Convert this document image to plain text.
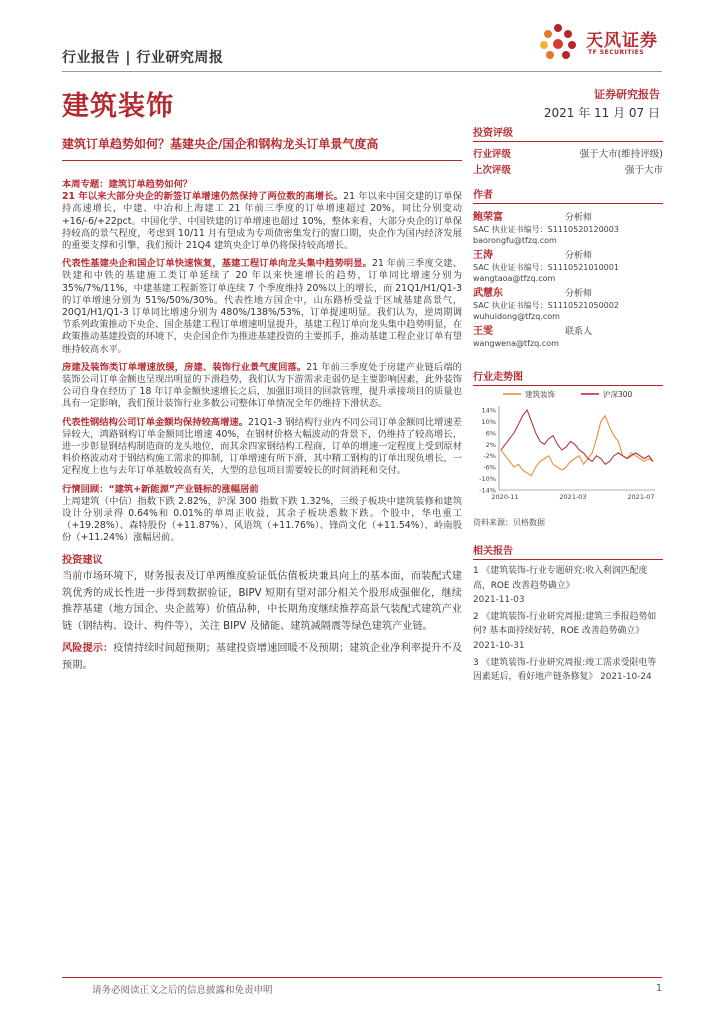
行业报告 | 行业研究周报
天风证券
TF SECURITIES
建筑装饰	证券研究报告
2021 年 11 月 07 日
建筑订单趋势如何？基建央企/国企和钢构龙头订单景气度高

本周专题：建筑订单趋势如何？
21 年以来大部分央企的新签订单增速仍然保持了两位数的高增长。21 年以来中国交建的订单保持高速增长，中建、中冶和上海建工 21 年前三季度的订单增速超过 20%，同比分别变动+16/-6/+22pct。中国化学、中国铁建的订单增速也超过 10%，整体来看，大部分央企的订单保持较高的景气程度，考虑到 10/11 月有望成为专项债密集发行的窗口期，央企作为国内经济发展的重要支撑和引擎，我们预计 21Q4 建筑央企订单仍将保持较高增长。

代表性基建央企和国企订单快速恢复，基建工程订单向龙头集中趋势明显。21 年前三季度交建、铁建和中铁的基建施工类订单延续了 20 年以来快速增长的趋势，订单同比增速分别为 35%/7%/11%，中建基建工程新签订单连续 7 个季度维持 20%以上的增长，而 21Q1/H1/Q1-3 的订单增速分别为 51%/50%/30%。代表性地方国企中，山东路桥受益于区域基建高景气，20Q1/H1/Q1-3 订单同比增速分别为 480%/138%/53%，订单提速明显。我们认为，逆周期调节系列政策推动下央企、国企基建工程订单增速明显提升，基建工程订单向龙头集中趋势明显，在政策推动基建投资的环境下，央企国企作为推进基建投资的主要抓手，推动基建工程企业订单有望维持较高水平。

房建及装饰类订单增速放缓，房建、装饰行业景气度回落。21 年前三季度处于房建产业链后端的装饰公司订单金额也呈现出明显的下滑趋势，我们认为下游需求走弱仍是主要影响因素，此外装饰公司自身在经历了 18 年订单金额快速增长之后，加强旧项目的回款管理，提升承接项目的质量也具有一定影响，我们预计装饰行业多数公司整体订单情况全年仍维持下滑状态。

代表性钢结构公司订单金额均保持较高增速。21Q1-3 钢结构行业内不同公司订单金额同比增速差异较大，鸿路钢构订单金额同比增速 40%，在钢材价格大幅波动的背景下，仍维持了较高增长，进一步彰显钢结构制造商的龙头地位，而其余四家钢结构工程商，订单的增速一定程度上受到原材料价格波动对于钢结构施工需求的抑制，订单增速有所下滑，其中精工钢构的订单出现负增长，一定程度上也与去年订单基数较高有关，大型的总包项目需要较长的时间消耗和交付。

行情回顾：“建筑+新能源”产业链标的涨幅居前
上周建筑（中信）指数下跌 2.82%，沪深 300 指数下跌 1.32%，三级子板块中建筑装修和建筑设计分别录得 0.64%和 0.01%的单周正收益，其余子板块悉数下跌。个股中，华电重工（+19.28%）、森特股份（+11.87%）、风语筑（+11.76%）、锋尚文化（+11.54%）、岭南股份（+11.24%）涨幅居前。

投资建议
当前市场环境下，财务报表及订单两维度验证低估值板块兼具向上的基本面，而装配式建筑优秀的成长性进一步得到数据验证，BIPV 短期有望对部分相关个股形成强催化，继续推荐基建（地方国企、央企蓝筹）价值品种，中长期角度继续推荐高景气装配式建筑产业链（钢结构、设计、构件等），关注 BIPV 及储能、建筑减隔震等绿色建筑产业链。

风险提示：疫情持续时间超预期；基建投资增速回暖不及预期；建筑企业净利率提升不及预期。

投资评级
行业评级	强于大市(维持评级)
上次评级	强于大市
作者
鲍荣富	分析师
SAC 执业证书编号：S1110520120003
baorongfu@tfzq.com
王涛	分析师
SAC 执业证书编号：S1110521010001
wangtaoa@tfzq.com
武慧东	分析师
SAC 执业证书编号：S1110521050002
wuhuidong@tfzq.com
王雯	联系人
wangwena@tfzq.com
行业走势图
建筑装饰	沪深300
14%
10%
6%
2%
-2%
-6%
-10%
-14%
2020-11	2021-03	2021-07
资料来源：贝格数据
相关报告
1 《建筑装饰-行业专题研究:收入利润匹配度高，ROE 改善趋势确立》
2021-11-03
2 《建筑装饰-行业研究周报:建筑三季报趋势如何? 基本面持续好转，ROE 改善趋势确立》 2021-10-31
3 《建筑装饰-行业研究周报:竣工需求受限电等因素延后，看好地产链条修复》 2021-10-24
请务必阅读正文之后的信息披露和免责申明	1
